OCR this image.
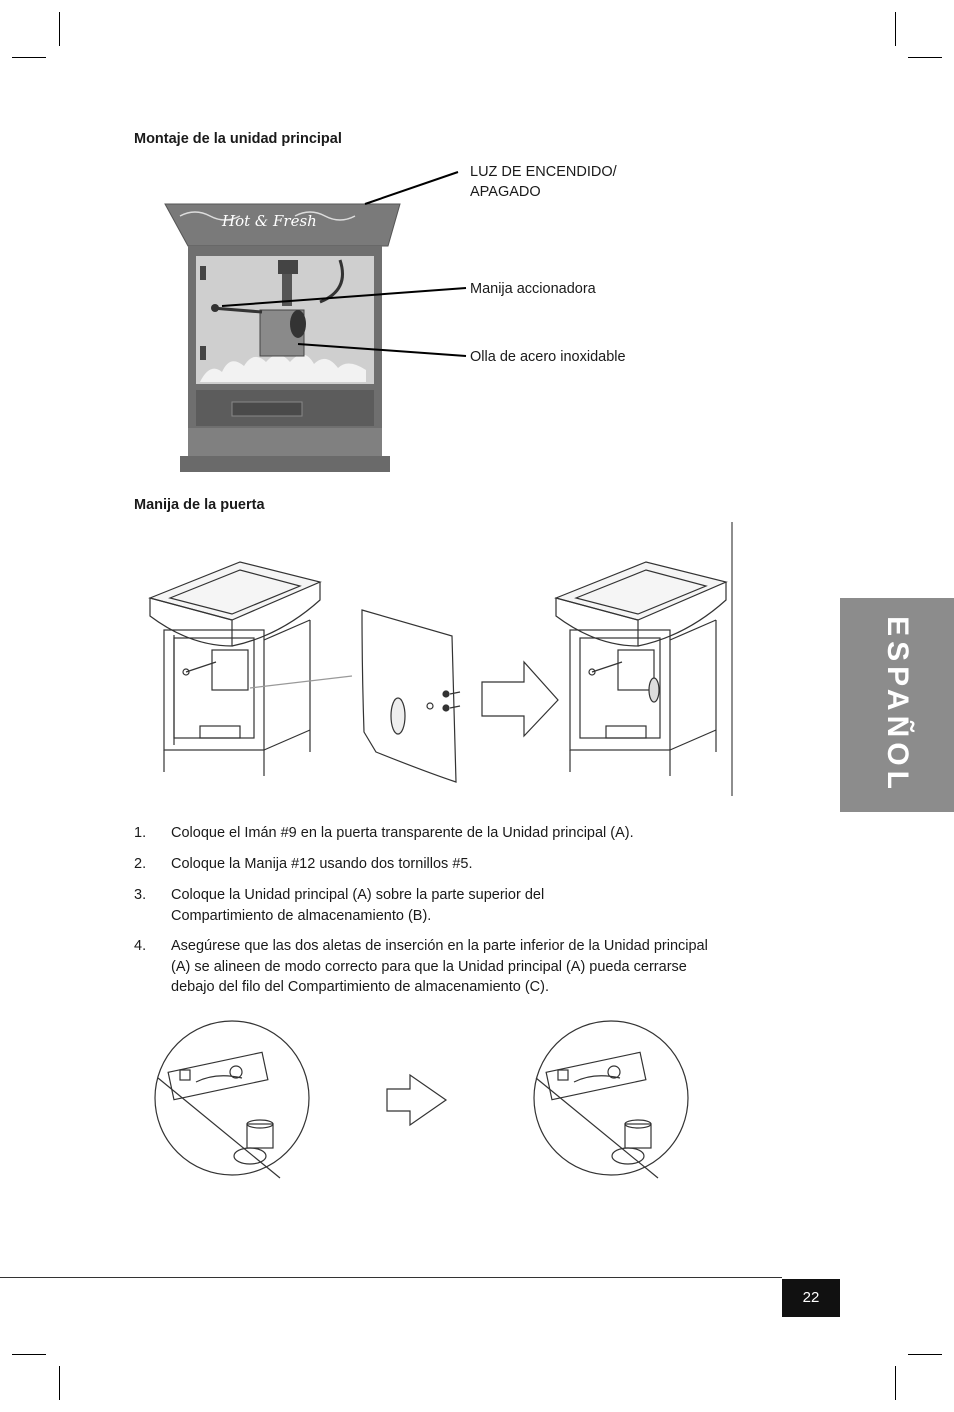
Montaje de la unidad principal
Hot & Fresh
LUZ DE ENCENDIDO/
APAGADO
Manija accionadora
Olla de acero inoxidable
Manija de la puerta
1. Coloque el Imán #9 en la puerta transparente de la Unidad principal (A).
2. Coloque la Manija #12 usando dos tornillos #5.
3. Coloque la Unidad principal (A) sobre la parte superior del Compartimiento de almacenamiento (B).
4. Asegúrese que las dos aletas de inserción en la parte inferior de la Unidad principal (A) se alineen de modo correcto para que la Unidad principal (A) pueda cerrarse debajo del filo del Compartimiento de almacenamiento (C).
ESPAÑOL
22
